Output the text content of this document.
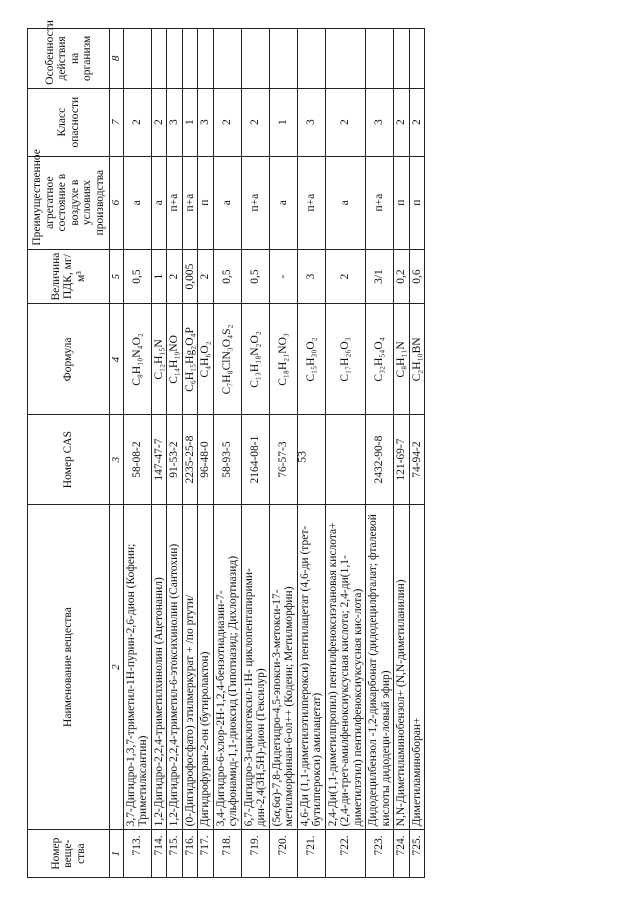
53
Номер веще-ства	Наименование вещества	Номер CAS	Формула	Величина ПДК, мг/м³	Преимущественное агрегатное состояние в воздухе в условиях производства	Класс опасности	Особенности действия на организм
1	2	3	4	5	6	7	8
713.	3,7-Дигидро-1,3,7-триметил-1Н-пурин-2,6-дион (Кофеин; Триметилксантин)	58-08-2	C₈H₁₀N₄O₂	0,5	а	2	
714.	1,2-Дигидро-2,2,4-триметилхинолин (Ацетонанил)	147-47-7	C₁₂H₁₅N	1	а	2	
715.	1,2-Дигидро-2,2,4-триметил-6-этоксихинолин (Сантохин)	91-53-2	C₁₄H₁₉NO	2	п+а	3	
716.	(0-Дигидрофосфато) этилмеркурат + /по ртути/	2235-25-8	C₆H₁₅Hg₂O₄P	0,005	п+а	1	
717.	Дигидрофуран-2-он (бутиролактон)	96-48-0	C₄H₆O₂	2	п	3	
718.	3,4-Дигидро-6-хлор-2Н-1,2,4-бензотиадиазин-7-сульфонамид-1,1-диоксид (Гипотиазид; Дихлортиазид)	58-93-5	C₇H₈ClN₃O₄S₂	0,5	а	2	
719.	6,7-Дигидро-3-циклогексил-1Н- циклопентапирими-дин-2,4(3Н,5Н)-дион (Гексилур)	2164-08-1	C₁₃H₁₈N₂O₂	0,5	п+а	2	
720.	(5α,6α)-7,8-Дидегидро-4,5-эпокси-3-метокси-17-метилморфинан-6-ол++ (Кодеин; Метилморфин)	76-57-3	C₁₈H₂₁NO₃	-	а	1	
721.	4,6-Ди (1,1-диметилэтилперокси) пентилацетат (4,6-ди (трет-бутилперокси) амилацетат)		C₁₅H₃₀O₂	3	п+а	3	
722.	2,4-Ди(1,1-диметилпропил) пентилфеноксиэтановая кислота+ (2,4-ди-трет-амилфеноксиуксусная кислота; 2,4-ди(1,1-диметилэтил) пентилфеноксиуксусная кис-лота)		C₁₇H₂₆O₃	2	а	2	
723.	Дидодецилбензол -1,2-дикарбонат (дидодецилфталат; фталевой кислоты дидодеци-ловый эфир)	2432-90-8	C₃₂H₅₄O₄	3/1	п+а	3	
724.	N,N-Диметиламинобензол+ (N,N-диметиланилин)	121-69-7	C₈H₁₁N	0,2	п	2	
725.	Диметиламиноборан+	74-94-2	C₂H₁₀BN	0,6	п	2	
